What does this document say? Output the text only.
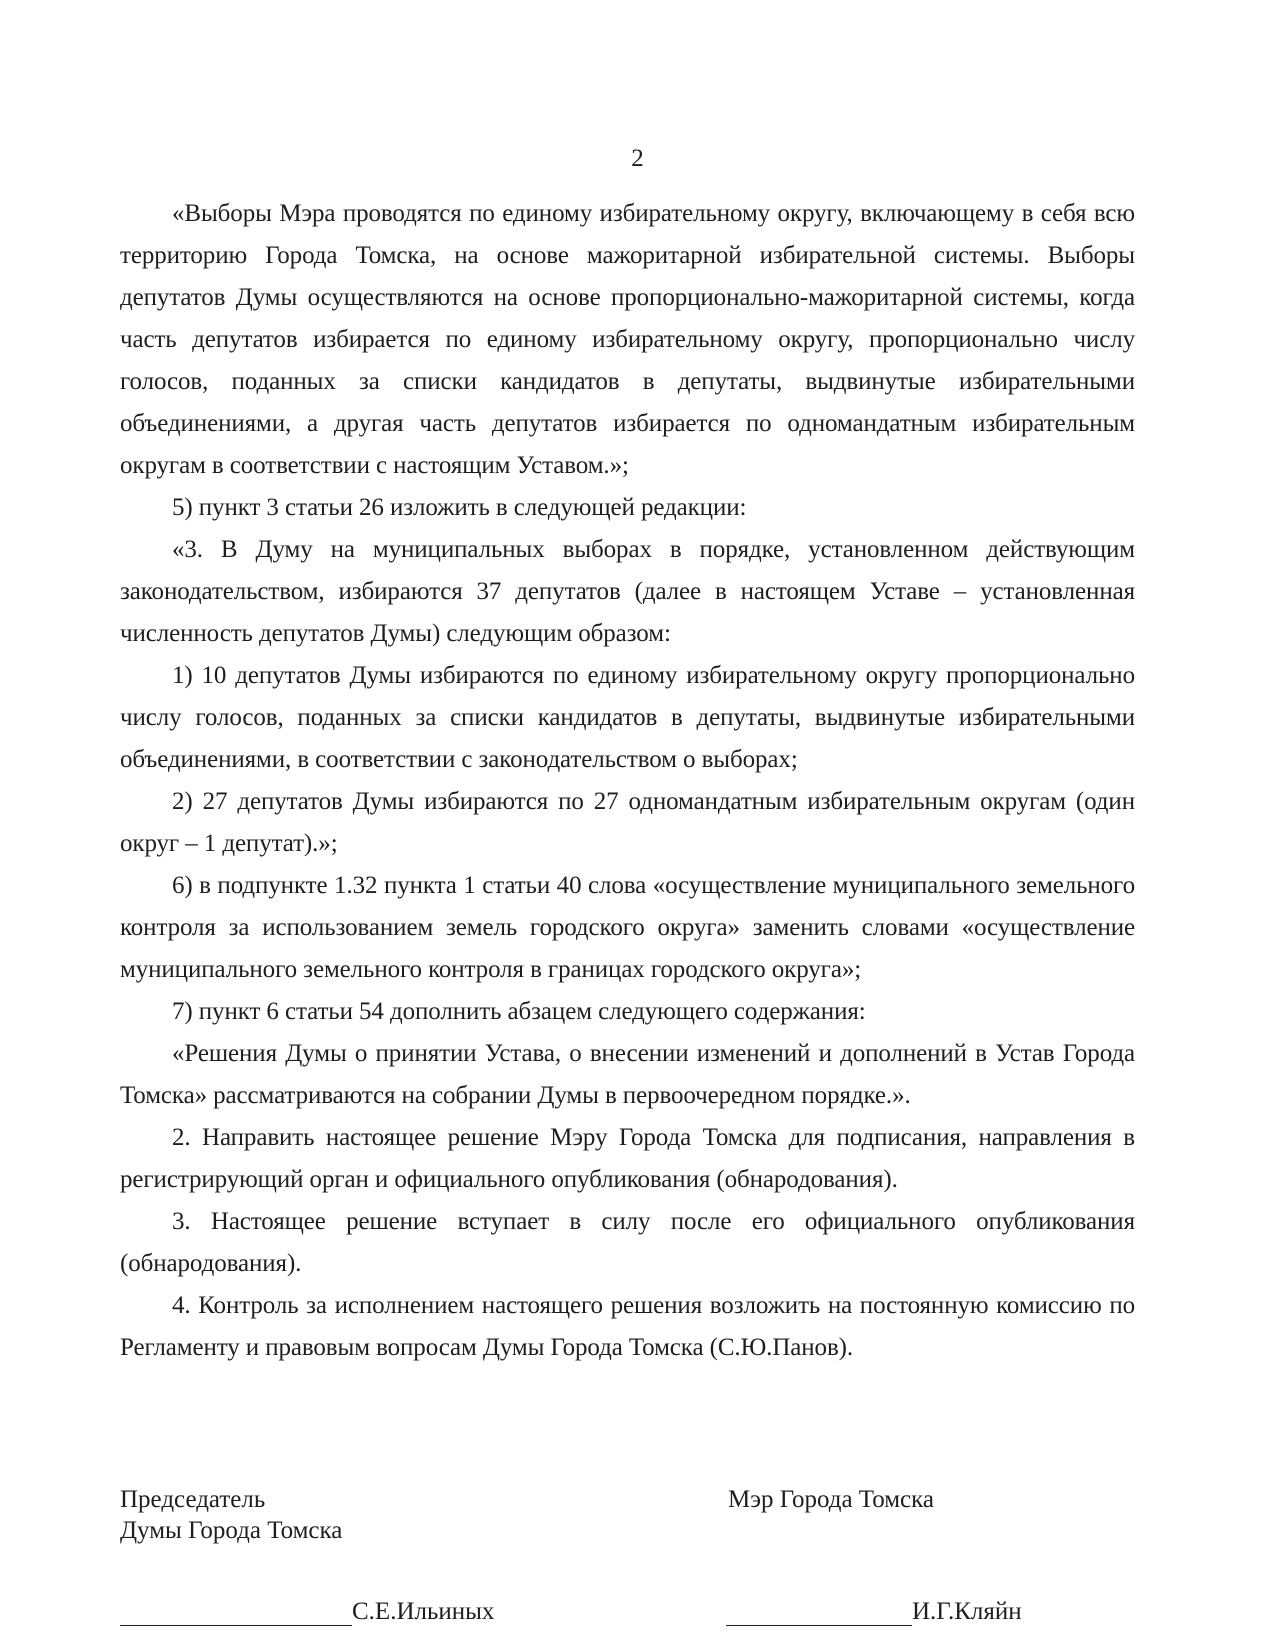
2

«Выборы Мэра проводятся по единому избирательному округу, включающему в себя всю территорию Города Томска, на основе мажоритарной избирательной системы. Выборы депутатов Думы осуществляются на основе пропорционально-мажоритарной системы, когда часть депутатов избирается по единому избирательному округу, пропорционально числу голосов, поданных за списки кандидатов в депутаты, выдвинутые избирательными объединениями, а другая часть депутатов избирается по одномандатным избирательным округам в соответствии с настоящим Уставом.»;

5) пункт 3 статьи 26 изложить в следующей редакции:

«3. В Думу на муниципальных выборах в порядке, установленном действующим законодательством, избираются 37 депутатов (далее в настоящем Уставе – установленная численность депутатов Думы) следующим образом:

1) 10 депутатов Думы избираются по единому избирательному округу пропорционально числу голосов, поданных за списки кандидатов в депутаты, выдвинутые избирательными объединениями, в соответствии с законодательством о выборах;

2) 27 депутатов Думы избираются по 27 одномандатным избирательным округам (один округ – 1 депутат).»;

6) в подпункте 1.32 пункта 1 статьи 40 слова «осуществление муниципального земельного контроля за использованием земель городского округа» заменить словами «осуществление муниципального земельного контроля в границах городского округа»;

7) пункт 6 статьи 54 дополнить абзацем следующего содержания:

«Решения Думы о принятии Устава, о внесении изменений и дополнений в Устав Города Томска» рассматриваются на собрании Думы в первоочередном порядке.».

2. Направить настоящее решение Мэру Города Томска для подписания, направления в регистрирующий орган и официального опубликования (обнародования).

3. Настоящее решение вступает в силу после его официального опубликования (обнародования).

4. Контроль за исполнением настоящего решения возложить на постоянную комиссию по Регламенту и правовым вопросам Думы Города Томска (С.Ю.Панов).

Председатель
Думы Города Томска
Мэр Города Томска
С.Е.Ильиных	И.Г.Кляйн
